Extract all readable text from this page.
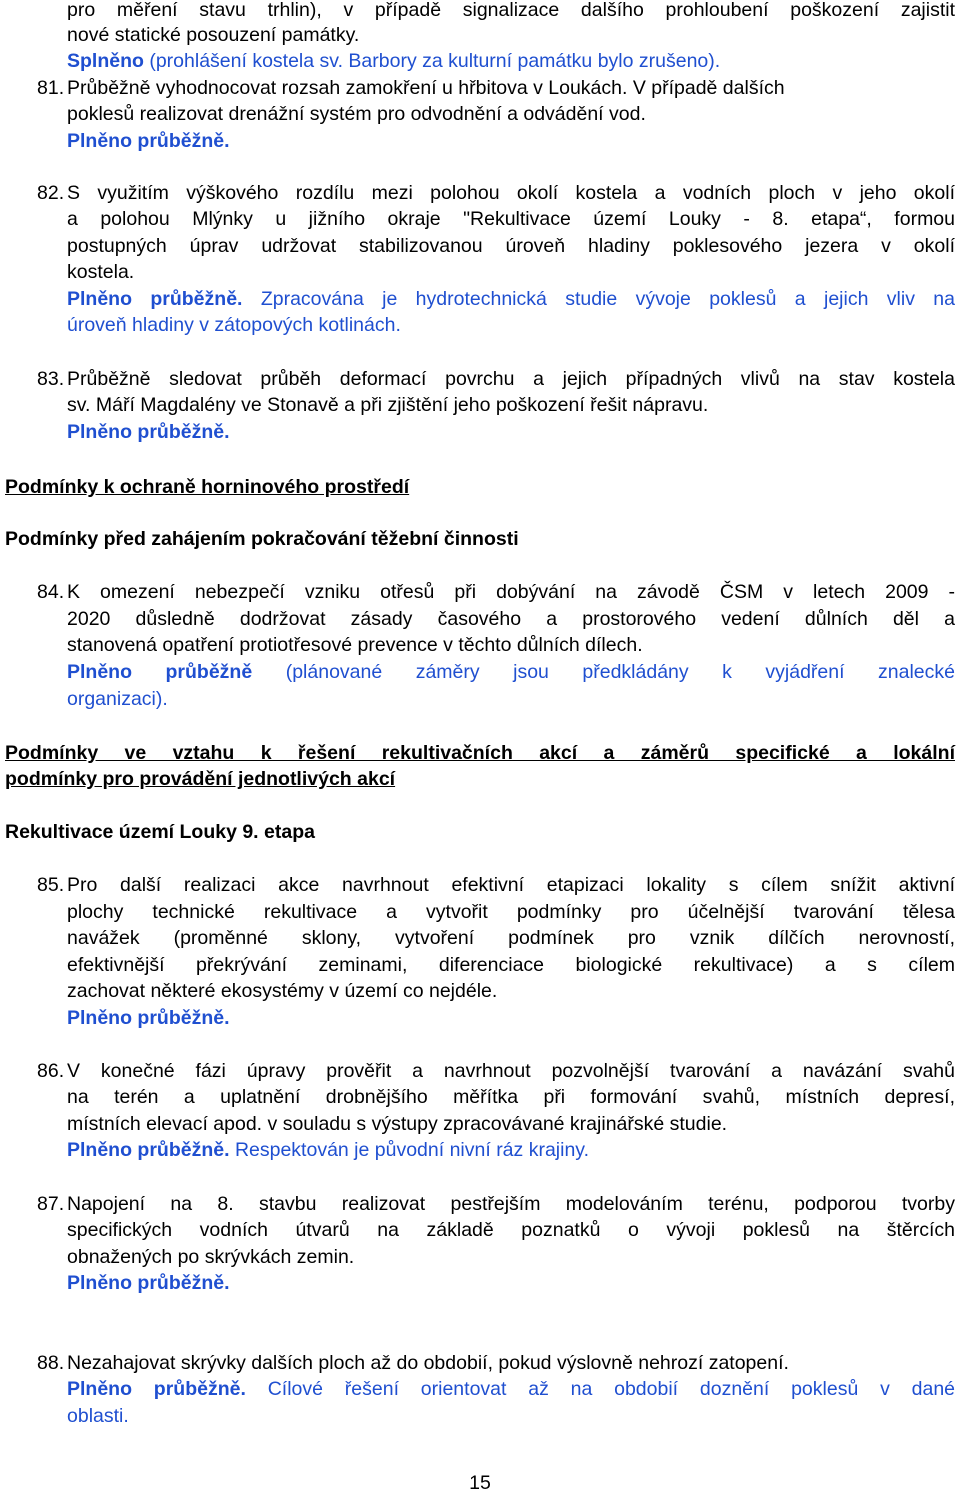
pro měření stavu trhlin), v případě signalizace dalšího prohloubení poškození zajistit
nové statické posouzení památky.
Splněno (prohlášení kostela sv. Barbory za kulturní památku bylo zrušeno).
81. Průběžně vyhodnocovat rozsah zamokření u hřbitova v Loukách. V případě dalších
poklesů realizovat drenážní systém pro odvodnění a odvádění vod.
Plněno průběžně.
82. S využitím výškového rozdílu mezi polohou okolí kostela a vodních ploch v jeho okolí
a polohou Mlýnky u jižního okraje "Rekultivace území Louky - 8. etapa“, formou
postupných úprav udržovat stabilizovanou úroveň hladiny poklesového jezera v okolí
kostela.
Plněno průběžně. Zpracována je hydrotechnická studie vývoje poklesů a jejich vliv na
úroveň hladiny v zátopových kotlinách.
83. Průběžně sledovat průběh deformací povrchu a jejich případných vlivů na stav kostela
sv. Máří Magdalény ve Stonavě a při zjištění jeho poškození řešit nápravu.
Plněno průběžně.
Podmínky k ochraně horninového prostředí
Podmínky před zahájením pokračování těžební činnosti
84. K omezení nebezpečí vzniku otřesů při dobývání na závodě ČSM v letech 2009 -
2020 důsledně dodržovat zásady časového a prostorového vedení důlních děl a
stanovená opatření protiotřesové prevence v těchto důlních dílech.
Plněno průběžně (plánované záměry jsou předkládány k vyjádření znalecké
organizaci).
Podmínky ve vztahu k řešení rekultivačních akcí a záměrů specifické a lokální
podmínky pro provádění jednotlivých akcí
Rekultivace území Louky 9. etapa
85. Pro další realizaci akce navrhnout efektivní etapizaci lokality s cílem snížit aktivní
plochy technické rekultivace a vytvořit podmínky pro účelnější tvarování tělesa
navážek (proměnné sklony, vytvoření podmínek pro vznik dílčích nerovností,
efektivnější překrývání zeminami, diferenciace biologické rekultivace) a s cílem
zachovat některé ekosystémy v území co nejdéle.
Plněno průběžně.
86. V konečné fázi úpravy prověřit a navrhnout pozvolnější tvarování a navázání svahů
na terén a uplatnění drobnějšího měřítka při formování svahů, místních depresí,
místních elevací apod. v souladu s výstupy zpracovávané krajinářské studie.
Plněno průběžně. Respektován je původní nivní ráz krajiny.
87. Napojení na 8. stavbu realizovat pestřejším modelováním terénu, podporou tvorby
specifických vodních útvarů na základě poznatků o vývoji poklesů na štěrcích
obnažených po skrývkách zemin.
Plněno průběžně.
88. Nezahajovat skrývky dalších ploch až do obdobií, pokud výslovně nehrozí zatopení.
Plněno průběžně. Cílové řešení orientovat až na obdobií doznění poklesů v dané
oblasti.
15
